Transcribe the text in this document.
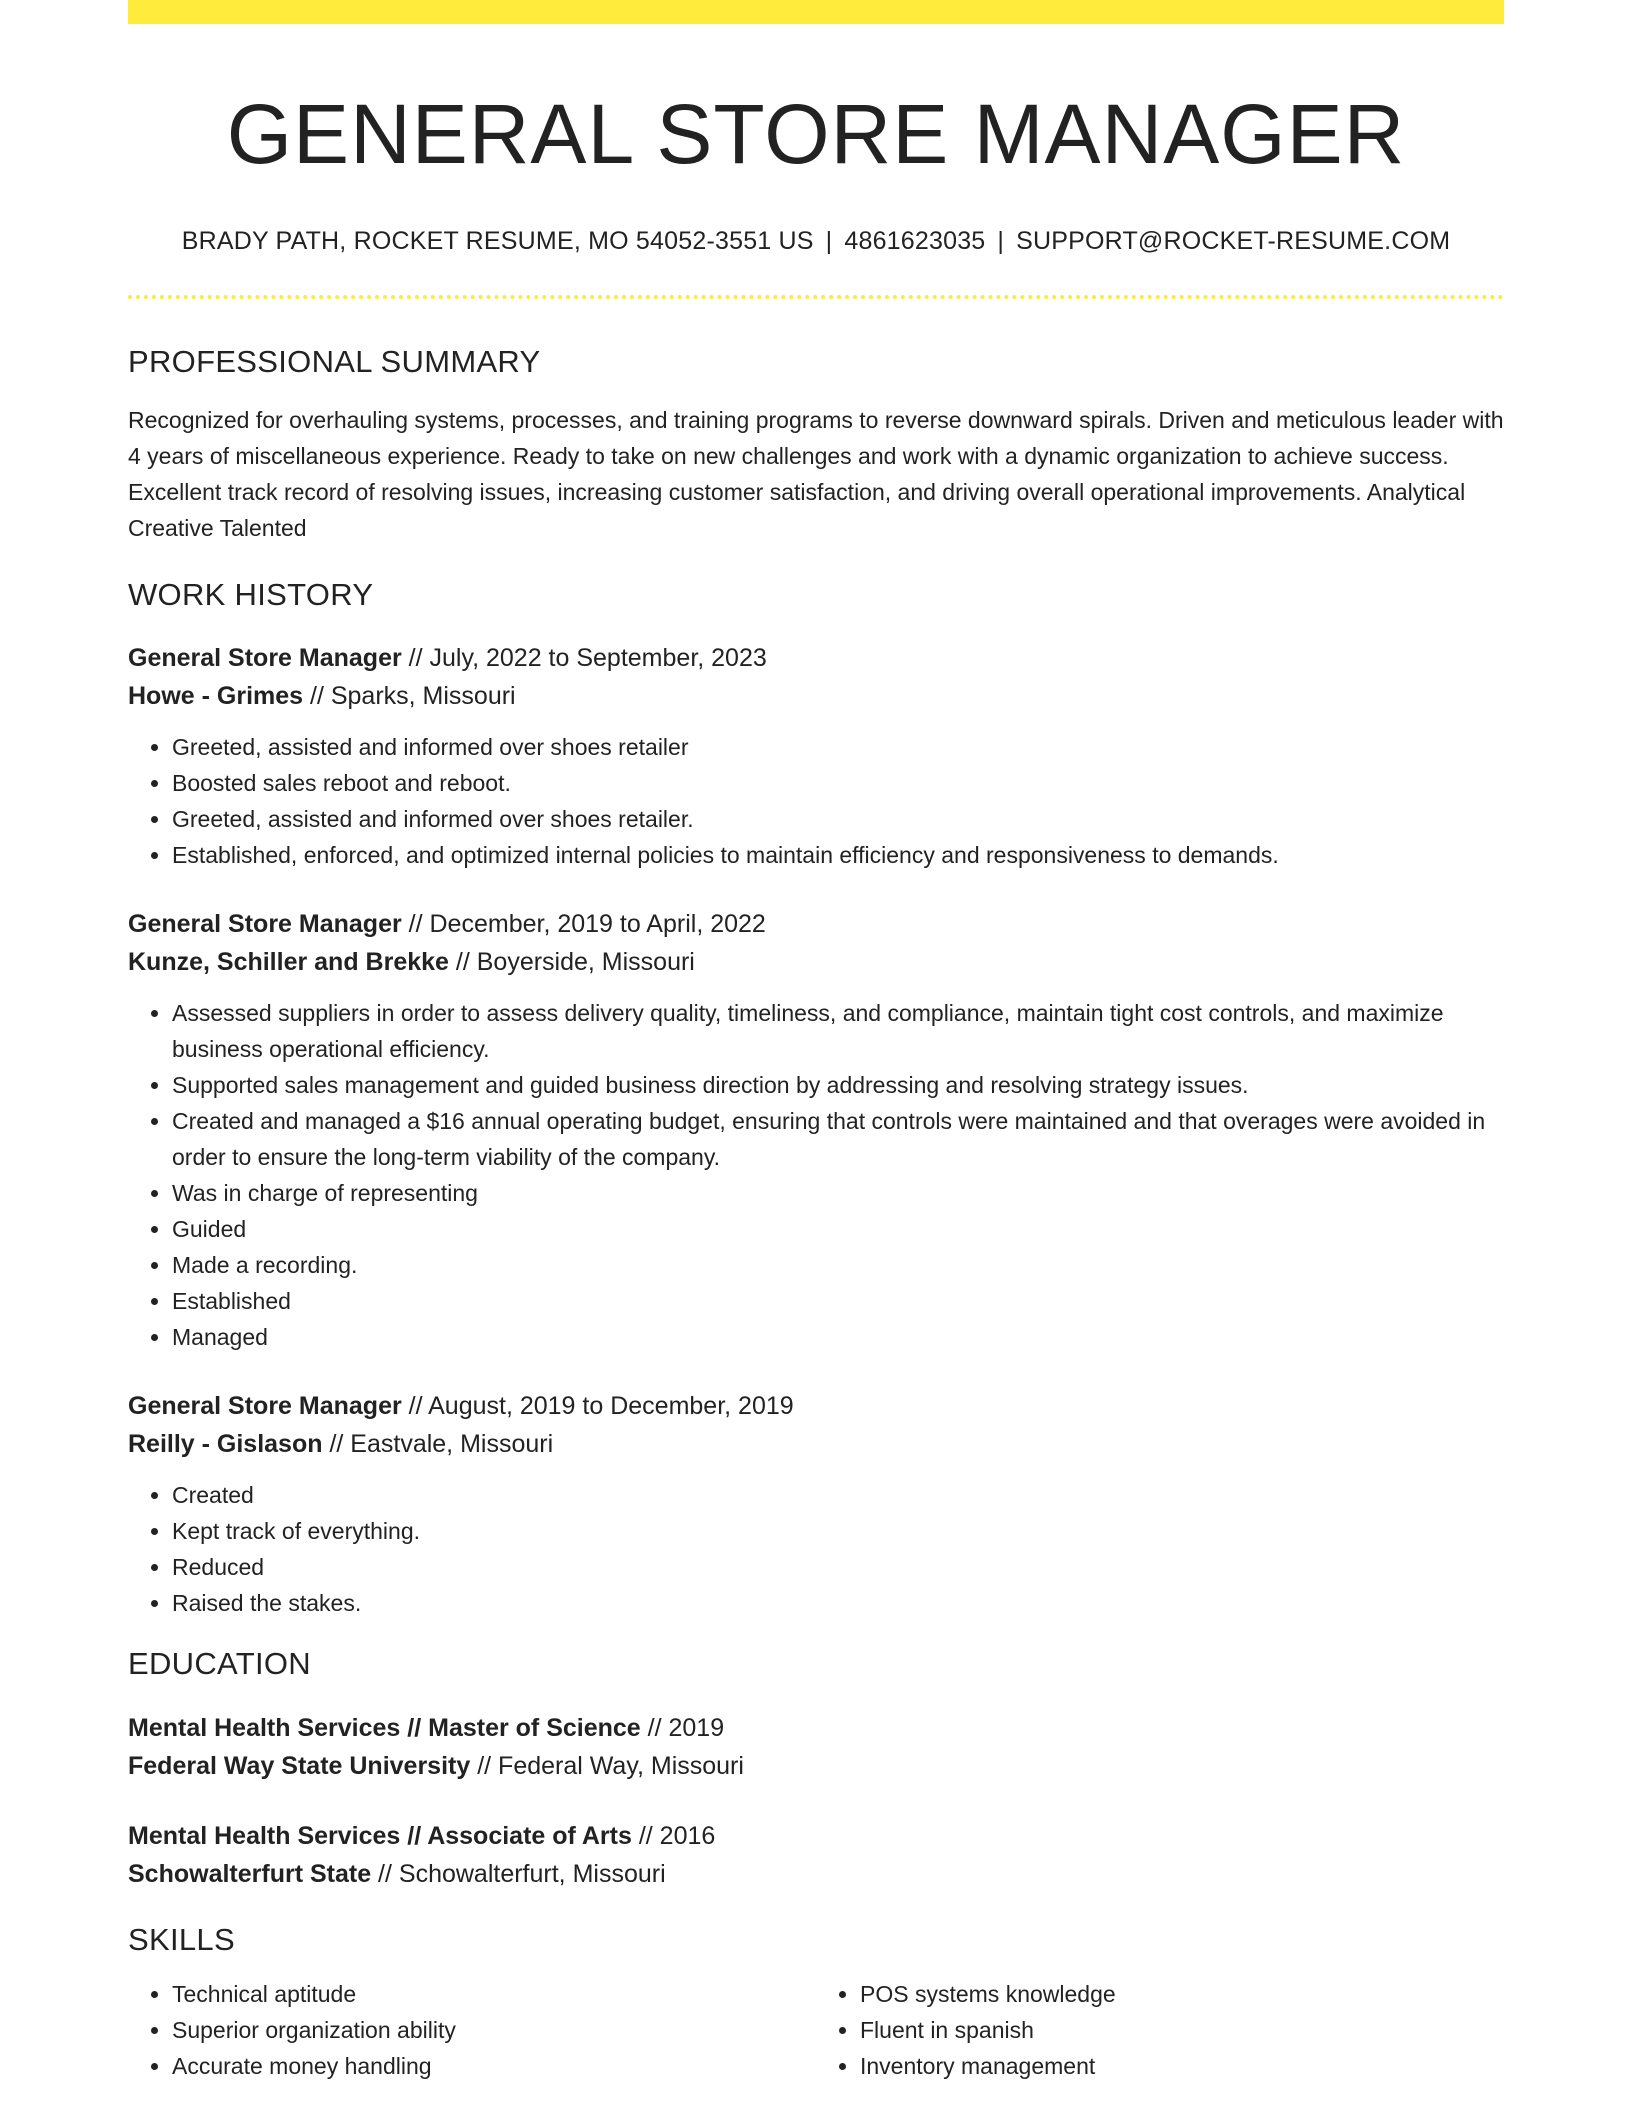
GENERAL STORE MANAGER
BRADY PATH, ROCKET RESUME, MO 54052-3551 US | 4861623035 | SUPPORT@ROCKET-RESUME.COM
PROFESSIONAL SUMMARY
Recognized for overhauling systems, processes, and training programs to reverse downward spirals. Driven and meticulous leader with 4 years of miscellaneous experience. Ready to take on new challenges and work with a dynamic organization to achieve success. Excellent track record of resolving issues, increasing customer satisfaction, and driving overall operational improvements. Analytical Creative Talented
WORK HISTORY
General Store Manager // July, 2022 to September, 2023
Howe - Grimes // Sparks, Missouri
• Greeted, assisted and informed over shoes retailer
• Boosted sales reboot and reboot.
• Greeted, assisted and informed over shoes retailer.
• Established, enforced, and optimized internal policies to maintain efficiency and responsiveness to demands.
General Store Manager // December, 2019 to April, 2022
Kunze, Schiller and Brekke // Boyerside, Missouri
• Assessed suppliers in order to assess delivery quality, timeliness, and compliance, maintain tight cost controls, and maximize business operational efficiency.
• Supported sales management and guided business direction by addressing and resolving strategy issues.
• Created and managed a $16 annual operating budget, ensuring that controls were maintained and that overages were avoided in order to ensure the long-term viability of the company.
• Was in charge of representing
• Guided
• Made a recording.
• Established
• Managed
General Store Manager // August, 2019 to December, 2019
Reilly - Gislason // Eastvale, Missouri
• Created
• Kept track of everything.
• Reduced
• Raised the stakes.
EDUCATION
Mental Health Services // Master of Science // 2019
Federal Way State University // Federal Way, Missouri
Mental Health Services // Associate of Arts // 2016
Schowalterfurt State // Schowalterfurt, Missouri
SKILLS
• Technical aptitude
• Superior organization ability
• Accurate money handling
• POS systems knowledge
• Fluent in spanish
• Inventory management
